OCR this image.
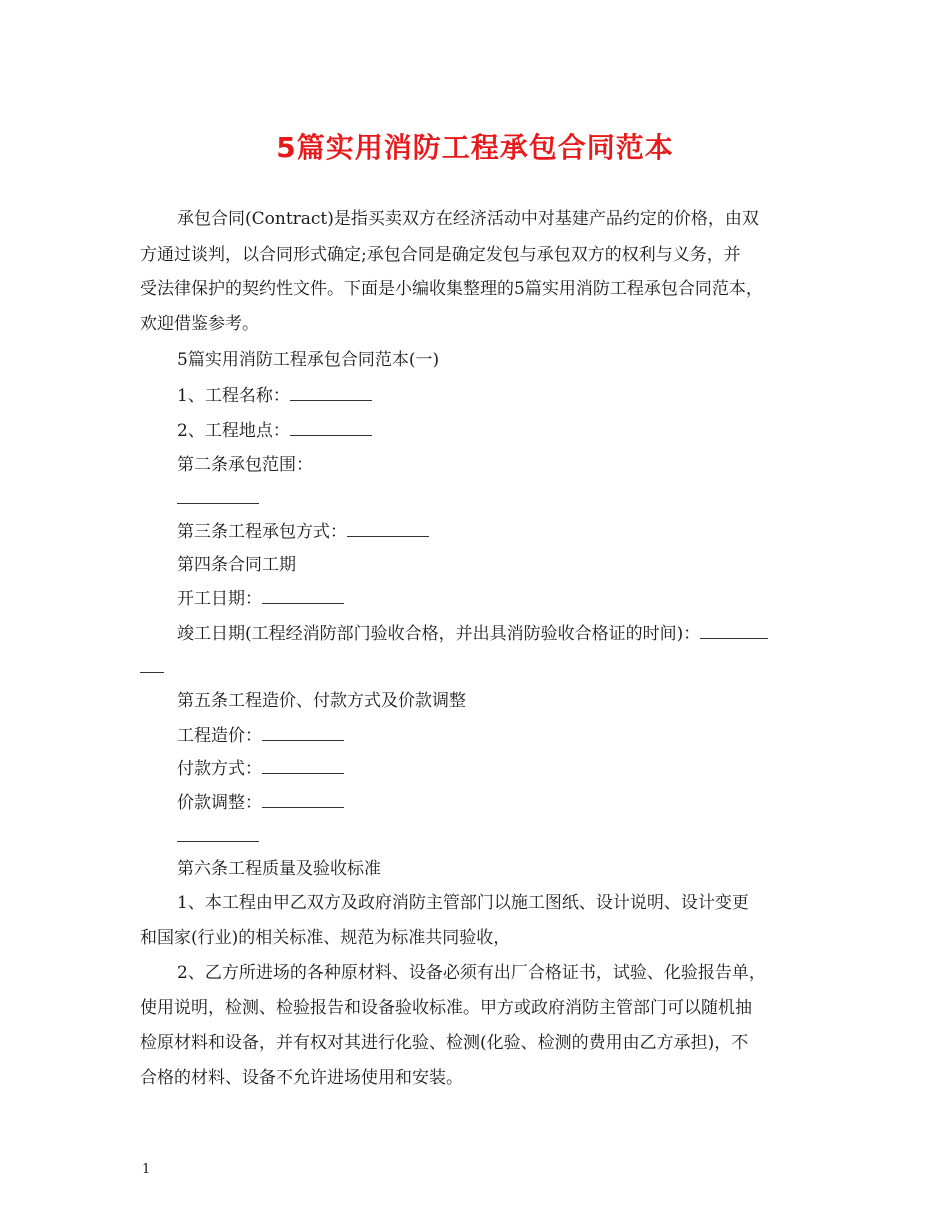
5篇实用消防工程承包合同范本
承包合同(Contract)是指买卖双方在经济活动中对基建产品约定的价格，由双
方通过谈判，以合同形式确定;承包合同是确定发包与承包双方的权利与义务，并
受法律保护的契约性文件。下面是小编收集整理的5篇实用消防工程承包合同范本，
欢迎借鉴参考。
5篇实用消防工程承包合同范本(一)
1、工程名称：
2、工程地点：
第二条承包范围：
第三条工程承包方式：
第四条合同工期
开工日期：
竣工日期(工程经消防部门验收合格，并出具消防验收合格证的时间)：
第五条工程造价、付款方式及价款调整
工程造价：
付款方式：
价款调整：
第六条工程质量及验收标准
1、本工程由甲乙双方及政府消防主管部门以施工图纸、设计说明、设计变更
和国家(行业)的相关标准、规范为标准共同验收，
2、乙方所进场的各种原材料、设备必须有出厂合格证书，试验、化验报告单，
使用说明，检测、检验报告和设备验收标准。甲方或政府消防主管部门可以随机抽
检原材料和设备，并有权对其进行化验、检测(化验、检测的费用由乙方承担)，不
合格的材料、设备不允许进场使用和安装。
1
